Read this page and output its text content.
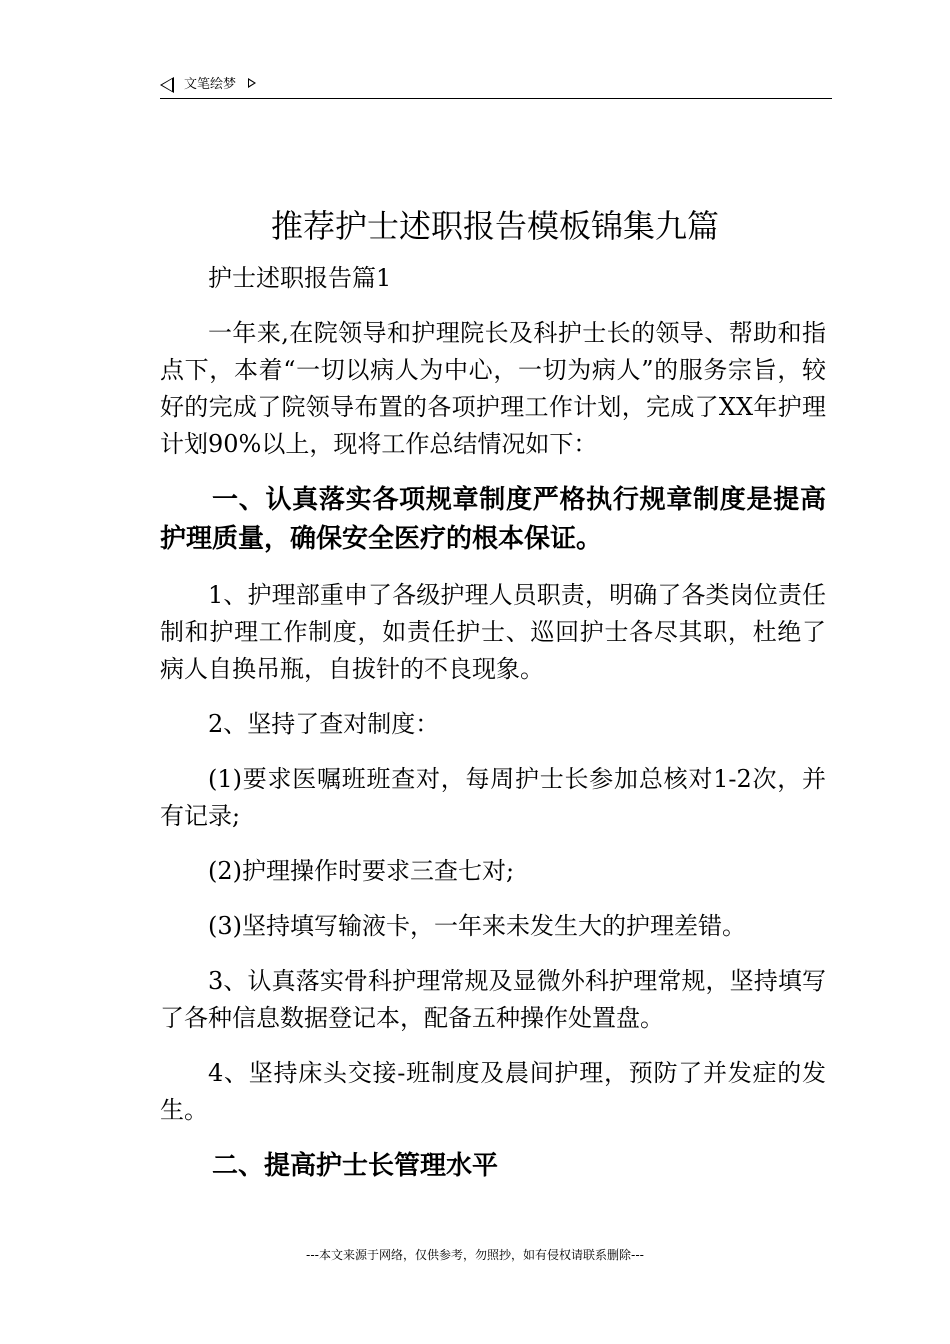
文笔绘梦
推荐护士述职报告模板锦集九篇

护士述职报告篇1

一年来,在院领导和护理院长及科护士长的领导、帮助和指点下，本着“一切以病人为中心，一切为病人”的服务宗旨，较好的完成了院领导布置的各项护理工作计划，完成了XX年护理计划90%以上，现将工作总结情况如下：

一、认真落实各项规章制度严格执行规章制度是提高护理质量，确保安全医疗的根本保证。

1、护理部重申了各级护理人员职责，明确了各类岗位责任制和护理工作制度，如责任护士、巡回护士各尽其职，杜绝了病人自换吊瓶，自拔针的不良现象。

2、坚持了查对制度：

(1)要求医嘱班班查对，每周护士长参加总核对1-2次，并有记录;

(2)护理操作时要求三查七对;

(3)坚持填写输液卡，一年来未发生大的护理差错。

3、认真落实骨科护理常规及显微外科护理常规，坚持填写了各种信息数据登记本，配备五种操作处置盘。

4、坚持床头交接-班制度及晨间护理，预防了并发症的发生。

二、提高护士长管理水平

---本文来源于网络，仅供参考，勿照抄，如有侵权请联系删除---
